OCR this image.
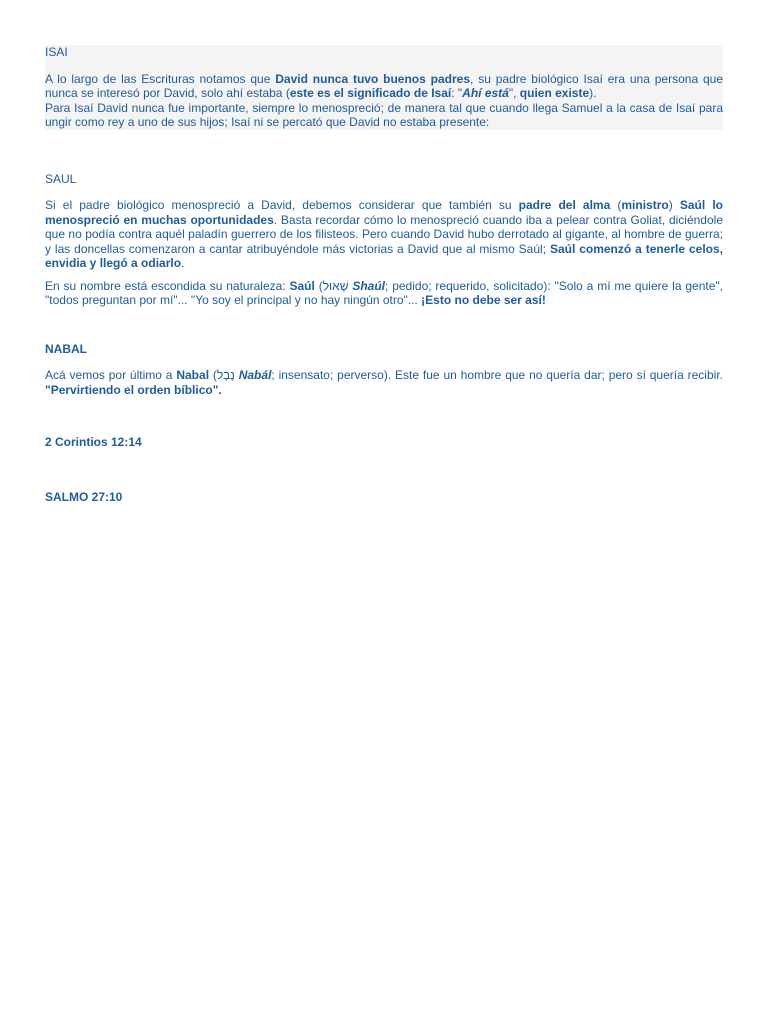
ISAI

A lo largo de las Escrituras notamos que David nunca tuvo buenos padres, su padre biológico Isaí era una persona que nunca se interesó por David, solo ahí estaba (este es el significado de Isaí: "Ahí está", quien existe).

Para Isaí David nunca fue importante, siempre lo menospreció; de manera tal que cuando llega Samuel a la casa de Isaí para ungir como rey a uno de sus hijos; Isaí ni se percató que David no estaba presente:

SAUL

Si el padre biológico menospreció a David, debemos considerar que también su padre del alma (ministro) Saúl lo menospreció en muchas oportunidades. Basta recordar cómo lo menospreció cuando iba a pelear contra Goliat, diciéndole que no podía contra aquél paladín guerrero de los filisteos. Pero cuando David hubo derrotado al gigante, al hombre de guerra; y las doncellas comenzaron a cantar atribuyéndole más victorias a David que al mismo Saúl; Saúl comenzó a tenerle celos, envidia y llegó a odiarlo.

En su nombre está escondida su naturaleza: Saúl (שָׁאוּל Shaúl; pedido; requerido, solicitado): "Solo a mí me quiere la gente", "todos preguntan por mí"... "Yo soy el principal y no hay ningún otro"... ¡Esto no debe ser así!

NABAL

Acá vemos por último a Nabal (נָבָל Nabál; insensato; perverso). Este fue un hombre que no quería dar; pero sí quería recibir. "Pervirtiendo el orden bíblico".

2 Corintios 12:14
SALMO 27:10
